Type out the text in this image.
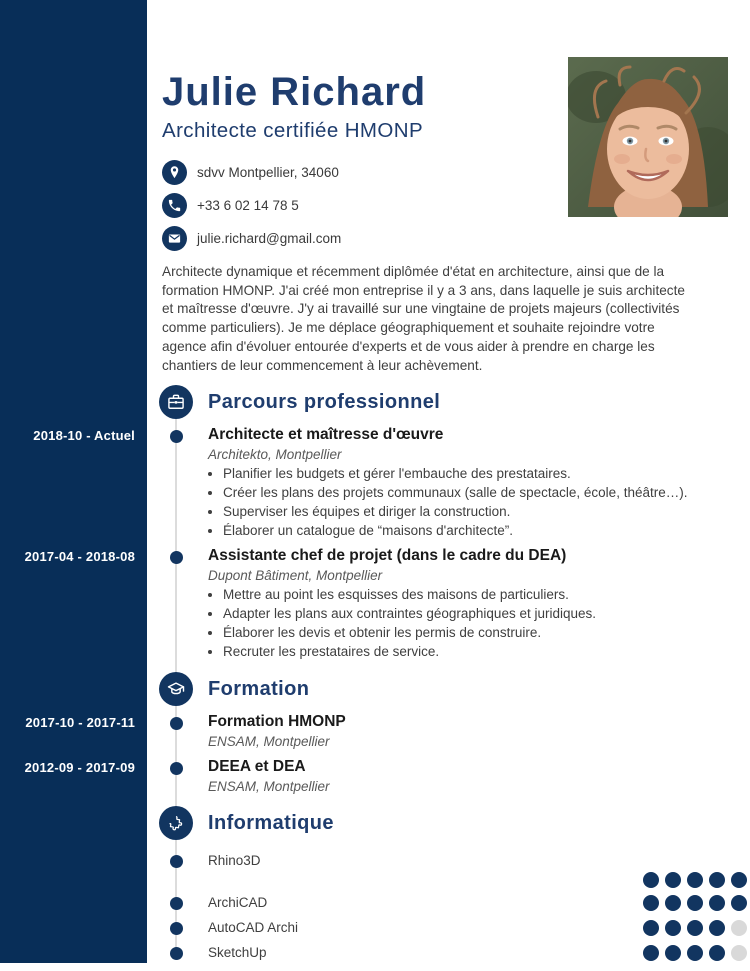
Julie Richard
Architecte certifiée HMONP
sdvv Montpellier, 34060
+33 6 02 14 78 5
julie.richard@gmail.com

Architecte dynamique et récemment diplômée d'état en architecture, ainsi que de la formation HMONP. J'ai créé mon entreprise il y a 3 ans, dans laquelle je suis architecte et maîtresse d'œuvre. J'y ai travaillé sur une vingtaine de projets majeurs (collectivités comme particuliers). Je me déplace géographiquement et souhaite rejoindre votre agence afin d'évoluer entourée d'experts et de vous aider à prendre en charge les chantiers de leur commencement à leur achèvement.

Parcours professionnel
2018-10 - Actuel	Architecte et maîtresse d'œuvre
Architekto, Montpellier
• Planifier les budgets et gérer l'embauche des prestataires.
• Créer les plans des projets communaux (salle de spectacle, école, théâtre…).
• Superviser les équipes et diriger la construction.
• Élaborer un catalogue de “maisons d'architecte”.
2017-04 - 2018-08	Assistante chef de projet (dans le cadre du DEA)
Dupont Bâtiment, Montpellier
• Mettre au point les esquisses des maisons de particuliers.
• Adapter les plans aux contraintes géographiques et juridiques.
• Élaborer les devis et obtenir les permis de construire.
• Recruter les prestataires de service.
Formation
2017-10 - 2017-11	Formation HMONP
ENSAM, Montpellier
2012-09 - 2017-09	DEEA et DEA
ENSAM, Montpellier
Informatique
Rhino3D
ArchiCAD
AutoCAD Archi
SketchUp
